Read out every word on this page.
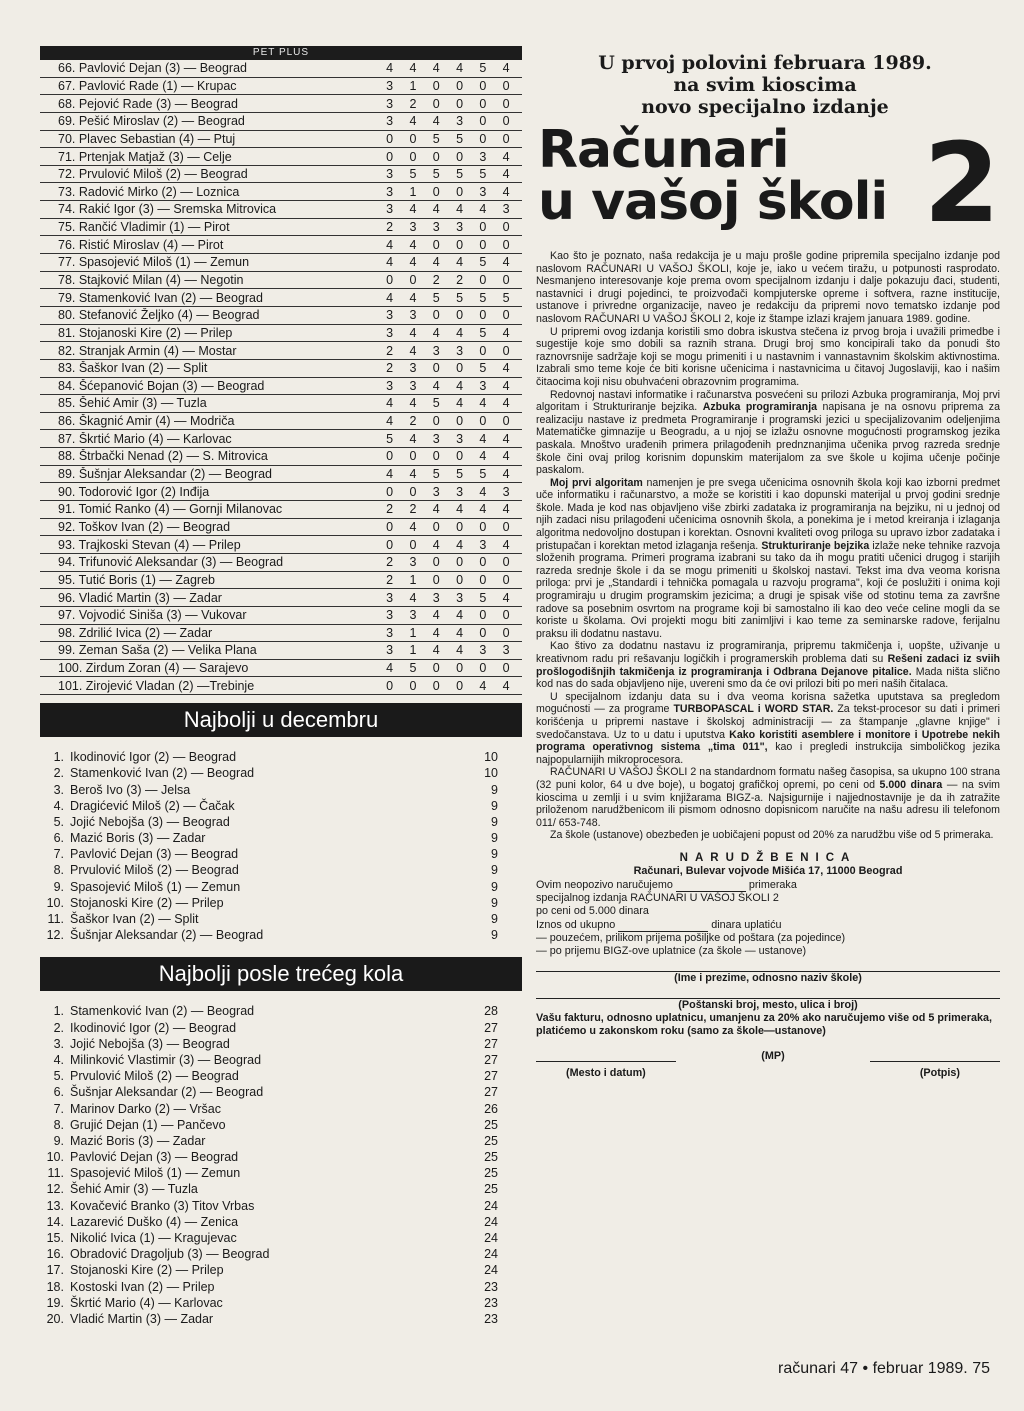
PET PLUS
66. Pavlović Dejan (3) — Beograd	4	4	4	4	5	4
67. Pavlović Rade (1) — Krupac	3	1	0	0	0	0
68. Pejović Rade (3) — Beograd	3	2	0	0	0	0
69. Pešić Miroslav (2) — Beograd	3	4	4	3	0	0
70. Plavec Sebastian (4) — Ptuj	0	0	5	5	0	0
71. Prtenjak Matjaž (3) — Celje	0	0	0	0	3	4
72. Prvulović Miloš (2) — Beograd	3	5	5	5	5	4
73. Radović Mirko (2) — Loznica	3	1	0	0	3	4
74. Rakić Igor (3) — Sremska Mitrovica	3	4	4	4	4	3
75. Rančić Vladimir (1) — Pirot	2	3	3	3	0	0
76. Ristić Miroslav (4) — Pirot	4	4	0	0	0	0
77. Spasojević Miloš (1) — Zemun	4	4	4	4	5	4
78. Stajković Milan (4) — Negotin	0	0	2	2	0	0
79. Stamenković Ivan (2) — Beograd	4	4	5	5	5	5
80. Stefanović Željko (4) — Beograd	3	3	0	0	0	0
81. Stojanoski Kire (2) — Prilep	3	4	4	4	5	4
82. Stranjak Armin (4) — Mostar	2	4	3	3	0	0
83. Šaškor Ivan (2) — Split	2	3	0	0	5	4
84. Šćepanović Bojan (3) — Beograd	3	3	4	4	3	4
85. Šehić Amir (3) — Tuzla	4	4	5	4	4	4
86. Škagnić Amir (4) — Modriča	4	2	0	0	0	0
87. Škrtić Mario (4) — Karlovac	5	4	3	3	4	4
88. Štrbački Nenad (2) — S. Mitrovica	0	0	0	0	4	4
89. Šušnjar Aleksandar (2) — Beograd	4	4	5	5	5	4
90. Todorović Igor (2) Inđija	0	0	3	3	4	3
91. Tomić Ranko (4) — Gornji Milanovac	2	2	4	4	4	4
92. Toškov Ivan (2) — Beograd	0	4	0	0	0	0
93. Trajkoski Stevan (4) — Prilep	0	0	4	4	3	4
94. Trifunović Aleksandar (3) — Beograd	2	3	0	0	0	0
95. Tutić Boris (1) — Zagreb	2	1	0	0	0	0
96. Vladić Martin (3) — Zadar	3	4	3	3	5	4
97. Vojvodić Siniša (3) — Vukovar	3	3	4	4	0	0
98. Zdrilić Ivica (2) — Zadar	3	1	4	4	0	0
99. Zeman Saša (2) — Velika Plana	3	1	4	4	3	3
100. Zirdum Zoran (4) — Sarajevo	4	5	0	0	0	0
101. Zirojević Vladan (2) —Trebinje	0	0	0	0	4	4
Najbolji u decembru
1. Ikodinović Igor (2) — Beograd	10
2. Stamenković Ivan (2) — Beograd	10
3. Beroš Ivo (3) — Jelsa	9
4. Dragićević Miloš (2) — Čačak	9
5. Jojić Nebojša (3) — Beograd	9
6. Mazić Boris (3) — Zadar	9
7. Pavlović Dejan (3) — Beograd	9
8. Prvulović Miloš (2) — Beograd	9
9. Spasojević Miloš (1) — Zemun	9
10. Stojanoski Kire (2) — Prilep	9
11. Šaškor Ivan (2) — Split	9
12. Šušnjar Aleksandar (2) — Beograd	9
Najbolji posle trećeg kola
1. Stamenković Ivan (2) — Beograd	28
2. Ikodinović Igor (2) — Beograd	27
3. Jojić Nebojša (3) — Beograd	27
4. Milinković Vlastimir (3) — Beograd	27
5. Prvulović Miloš (2) — Beograd	27
6. Šušnjar Aleksandar (2) — Beograd	27
7. Marinov Darko (2) — Vršac	26
8. Grujić Dejan (1) — Pančevo	25
9. Mazić Boris (3) — Zadar	25
10. Pavlović Dejan (3) — Beograd	25
11. Spasojević Miloš (1) — Zemun	25
12. Šehić Amir (3) — Tuzla	25
13. Kovačević Branko (3) Titov Vrbas	24
14. Lazarević Duško (4) — Zenica	24
15. Nikolić Ivica (1) — Kragujevac	24
16. Obradović Dragoljub (3) — Beograd	24
17. Stojanoski Kire (2) — Prilep	24
18. Kostoski Ivan (2) — Prilep	23
19. Škrtić Mario (4) — Karlovac	23
20. Vladić Martin (3) — Zadar	23
U prvoj polovini februara 1989.
na svim kioscima
novo specijalno izdanje
Računari
u vašoj školi 2

Kao što je poznato, naša redakcija je u maju prošle godine pripremila specijalno izdanje pod naslovom RAČUNARI U VAŠOJ ŠKOLI, koje je, iako u većem tiražu, u potpunosti rasprodato. Nesmanjeno interesovanje koje prema ovom specijalnom izdanju i dalje pokazuju đaci, studenti, nastavnici i drugi pojedinci, te proizvođači kompjuterske opreme i softvera, razne institucije, ustanove i privredne organizacije, naveo je redakciju da pripremi novo tematsko izdanje pod naslovom RAČUNARI U VAŠOJ ŠKOLI 2, koje iz štampe izlazi krajem januara 1989. godine.

U pripremi ovog izdanja koristili smo dobra iskustva stečena iz prvog broja i uvažili primedbe i sugestije koje smo dobili sa raznih strana. Drugi broj smo koncipirali tako da ponudi što raznovrsnije sadržaje koji se mogu primeniti i u nastavnim i vannastavnim školskim aktivnostima. Izabrali smo teme koje će biti korisne učenicima i nastavnicima u čitavoj Jugoslaviji, kao i našim čitaocima koji nisu obuhvaćeni obrazovnim programima.

Redovnoj nastavi informatike i računarstva posvećeni su prilozi Azbuka programiranja, Moj prvi algoritam i Strukturiranje bejzika. Azbuka programiranja napisana je na osnovu priprema za realizaciju nastave iz predmeta Programiranje i programski jezici u specijalizovanim odeljenjima Matematičke gimnazije u Beogradu, a u njoj se izlažu osnovne mogućnosti programskog jezika paskala. Mnoštvo urađenih primera prilagođenih prednznanjima učenika prvog razreda srednje škole čini ovaj prilog korisnim dopunskim materijalom za sve škole u kojima učenje počinje paskalom.

Moj prvi algoritam namenjen je pre svega učenicima osnovnih škola koji kao izborni predmet uče informatiku i računarstvo, a može se koristiti i kao dopunski materijal u prvoj godini srednje škole. Mada je kod nas objavljeno više zbirki zadataka iz programiranja na bejziku, ni u jednoj od njih zadaci nisu prilagođeni učenicima osnovnih škola, a ponekima je i metod kreiranja i izlaganja algoritma nedovoljno dostupan i korektan. Osnovni kvaliteti ovog priloga su upravo izbor zadataka i pristupačan i korektan metod izlaganja rešenja. Strukturiranje bejzika izlaže neke tehnike razvoja složenih programa. Primeri programa izabrani su tako da ih mogu pratiti učenici drugog i starijih razreda srednje škole i da se mogu primeniti u školskoj nastavi. Tekst ima dva veoma korisna priloga: prvi je „Standardi i tehnička pomagala u razvoju programa", koji će poslužiti i onima koji programiraju u drugim programskim jezicima; a drugi je spisak više od stotinu tema za završne radove sa posebnim osvrtom na programe koji bi samostalno ili kao deo veće celine mogli da se koriste u školama. Ovi projekti mogu biti zanimljivi i kao teme za seminarske radove, ferijalnu praksu ili dodatnu nastavu.

Kao štivo za dodatnu nastavu iz programiranja, pripremu takmičenja i, uopšte, uživanje u kreativnom radu pri rešavanju logičkih i programerskih problema dati su Rešeni zadaci iz sviih prošlogodišnjih takmičenja iz programiranja i Odbrana Dejanove pitalice. Mada ništa slično kod nas do sada objavljeno nije, uvereni smo da će ovi prilozi biti po meri naših čitalaca.

U specijalnom izdanju data su i dva veoma korisna sažetka uputstava sa pregledom mogućnosti — za programe TURBOPASCAL i WORD STAR. Za tekst-procesor su dati i primeri korišćenja u pripremi nastave i školskoj administraciji — za štampanje „glavne knjige" i svedočanstava. Uz to u datu i uputstva Kako koristiti asemblere i monitore i Upotrebe nekih programa operativnog sistema „tima 011", kao i pregledi instrukcija simboličkog jezika najpopularnijih mikroprocesora.

RAČUNARI U VAŠOJ ŠKOLI 2 na standardnom formatu našeg časopisa, sa ukupno 100 strana (32 puni kolor, 64 u dve boje), u bogatoj grafičkoj opremi, po ceni od 5.000 dinara — na svim kioscima u zemlji i u svim knjižarama BIGZ-a. Najsigurnije i najjednostavnije je da ih zatražite priloženom narudžbenicom ili pismom odnosno dopisnicom naručite na našu adresu ili telefonom 011/ 653-748.

Za škole (ustanove) obezbeđen je uobičajeni popust od 20% za narudžbu više od 5 primeraka.

NARUDŽBENICA
Računari, Bulevar vojvode Mišića 17, 11000 Beograd
Ovim neopozivo naručujemo	primeraka
specijalnog izdanja RAČUNARI U VAŠOJ ŠKOLI 2
po ceni od 5.000 dinara
Iznos od ukupno	dinara uplatiću
— pouzećem, prilikom prijema pošiljke od poštara (za pojedince)
— po prijemu BIGZ-ove uplatnice (za škole — ustanove)
(Ime i prezime, odnosno naziv škole)
(Poštanski broj, mesto, ulica i broj)
Vašu fakturu, odnosno uplatnicu, umanjenu za 20% ako naručujemo više od 5 primeraka, platićemo u zakonskom roku (samo za škole—ustanove)
(MP)
(Mesto i datum)	(Potpis)
računari 47 • februar 1989. 75
